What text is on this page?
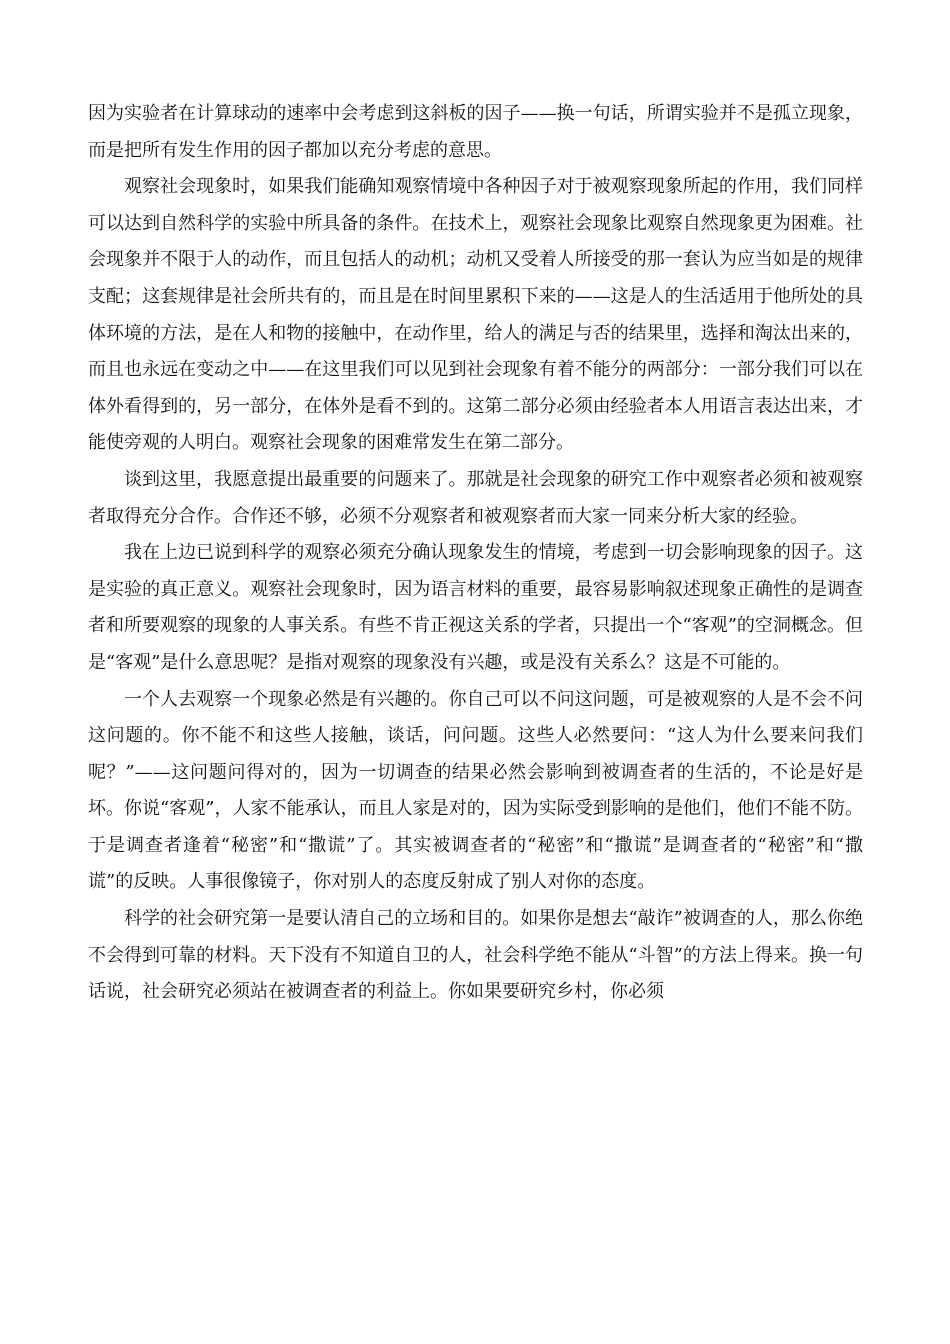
因为实验者在计算球动的速率中会考虑到这斜板的因子——换一句话，所谓实验并不是孤立现象，而是把所有发生作用的因子都加以充分考虑的意思。

观察社会现象时，如果我们能确知观察情境中各种因子对于被观察现象所起的作用，我们同样可以达到自然科学的实验中所具备的条件。在技术上，观察社会现象比观察自然现象更为困难。社会现象并不限于人的动作，而且包括人的动机；动机又受着人所接受的那一套认为应当如是的规律支配；这套规律是社会所共有的，而且是在时间里累积下来的——这是人的生活适用于他所处的具体环境的方法，是在人和物的接触中，在动作里，给人的满足与否的结果里，选择和淘汰出来的，而且也永远在变动之中——在这里我们可以见到社会现象有着不能分的两部分：一部分我们可以在体外看得到的，另一部分，在体外是看不到的。这第二部分必须由经验者本人用语言表达出来，才能使旁观的人明白。观察社会现象的困难常发生在第二部分。

谈到这里，我愿意提出最重要的问题来了。那就是社会现象的研究工作中观察者必须和被观察者取得充分合作。合作还不够，必须不分观察者和被观察者而大家一同来分析大家的经验。

我在上边已说到科学的观察必须充分确认现象发生的情境，考虑到一切会影响现象的因子。这是实验的真正意义。观察社会现象时，因为语言材料的重要，最容易影响叙述现象正确性的是调查者和所要观察的现象的人事关系。有些不肯正视这关系的学者，只提出一个“客观”的空洞概念。但是“客观”是什么意思呢？是指对观察的现象没有兴趣，或是没有关系么？这是不可能的。

一个人去观察一个现象必然是有兴趣的。你自己可以不问这问题，可是被观察的人是不会不问这问题的。你不能不和这些人接触，谈话，问问题。这些人必然要问：“这人为什么要来问我们呢？”——这问题问得对的，因为一切调查的结果必然会影响到被调查者的生活的，不论是好是坏。你说“客观”，人家不能承认，而且人家是对的，因为实际受到影响的是他们，他们不能不防。于是调查者逢着“秘密”和“撒谎”了。其实被调查者的“秘密”和“撒谎”是调查者的“秘密”和“撒谎”的反映。人事很像镜子，你对别人的态度反射成了别人对你的态度。

科学的社会研究第一是要认清自己的立场和目的。如果你是想去“敲诈”被调查的人，那么你绝不会得到可靠的材料。天下没有不知道自卫的人，社会科学绝不能从“斗智”的方法上得来。换一句话说，社会研究必须站在被调查者的利益上。你如果要研究乡村，你必须
